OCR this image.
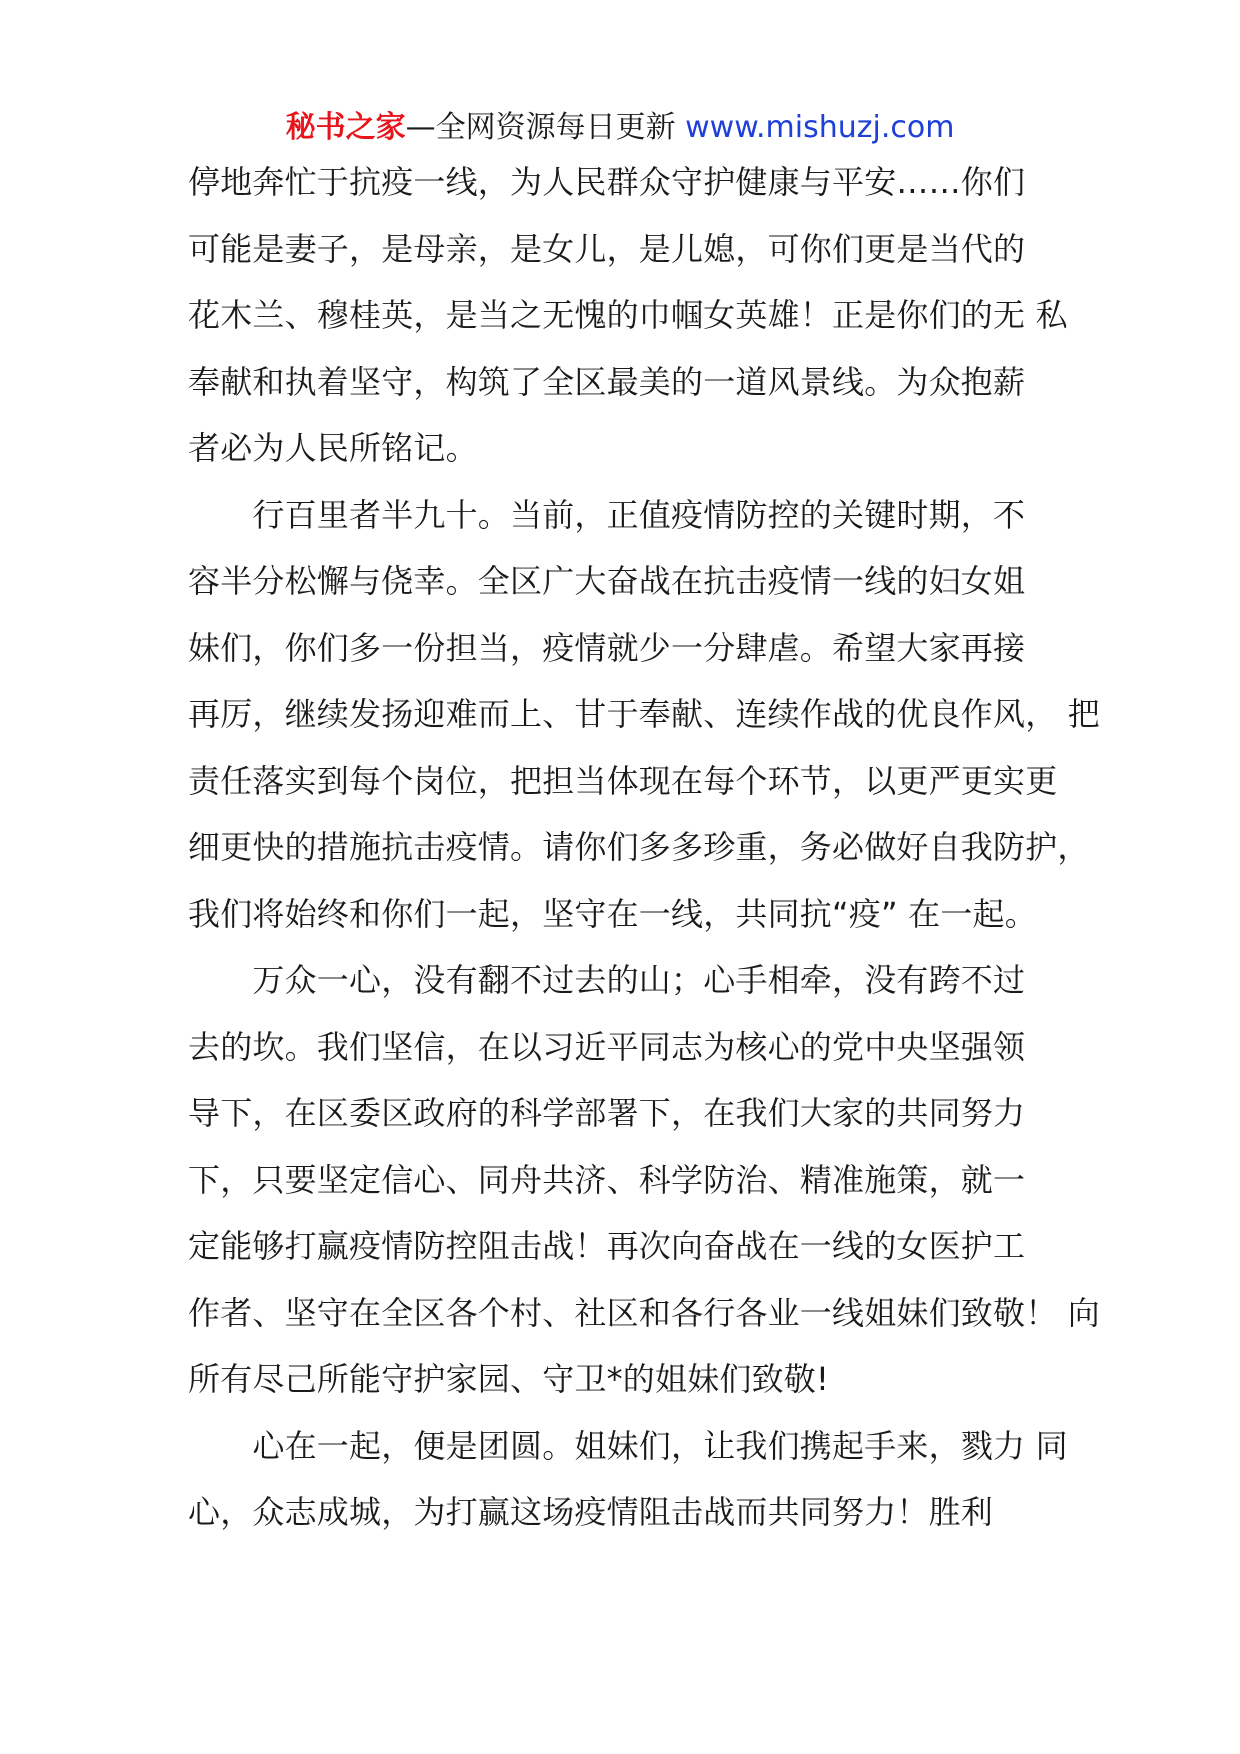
秘书之家—全网资源每日更新 www.mishuzj.com
停地奔忙于抗疫一线，为人民群众守护健康与平安……你们
可能是妻子，是母亲，是女儿，是儿媳，可你们更是当代的
花木兰、穆桂英，是当之无愧的巾帼女英雄！正是你们的无 私
奉献和执着坚守，构筑了全区最美的一道风景线。为众抱薪
者必为人民所铭记。
　　行百里者半九十。当前，正值疫情防控的关键时期，不
容半分松懈与侥幸。全区广大奋战在抗击疫情一线的妇女姐
妹们，你们多一份担当，疫情就少一分肆虐。希望大家再接
再厉，继续发扬迎难而上、甘于奉献、连续作战的优良作风， 把
责任落实到每个岗位，把担当体现在每个环节，以更严更实更
细更快的措施抗击疫情。请你们多多珍重，务必做好自我防护，
我们将始终和你们一起，坚守在一线，共同抗“疫” 在一起。
　　万众一心，没有翻不过去的山；心手相牵，没有跨不过
去的坎。我们坚信，在以习近平同志为核心的党中央坚强领
导下，在区委区政府的科学部署下，在我们大家的共同努力
下，只要坚定信心、同舟共济、科学防治、精准施策，就一
定能够打赢疫情防控阻击战！再次向奋战在一线的女医护工
作者、坚守在全区各个村、社区和各行各业一线姐妹们致敬！ 向
所有尽己所能守护家园、守卫*的姐妹们致敬!
　　心在一起，便是团圆。姐妹们，让我们携起手来，戮力 同
心，众志成城，为打赢这场疫情阻击战而共同努力！胜利
